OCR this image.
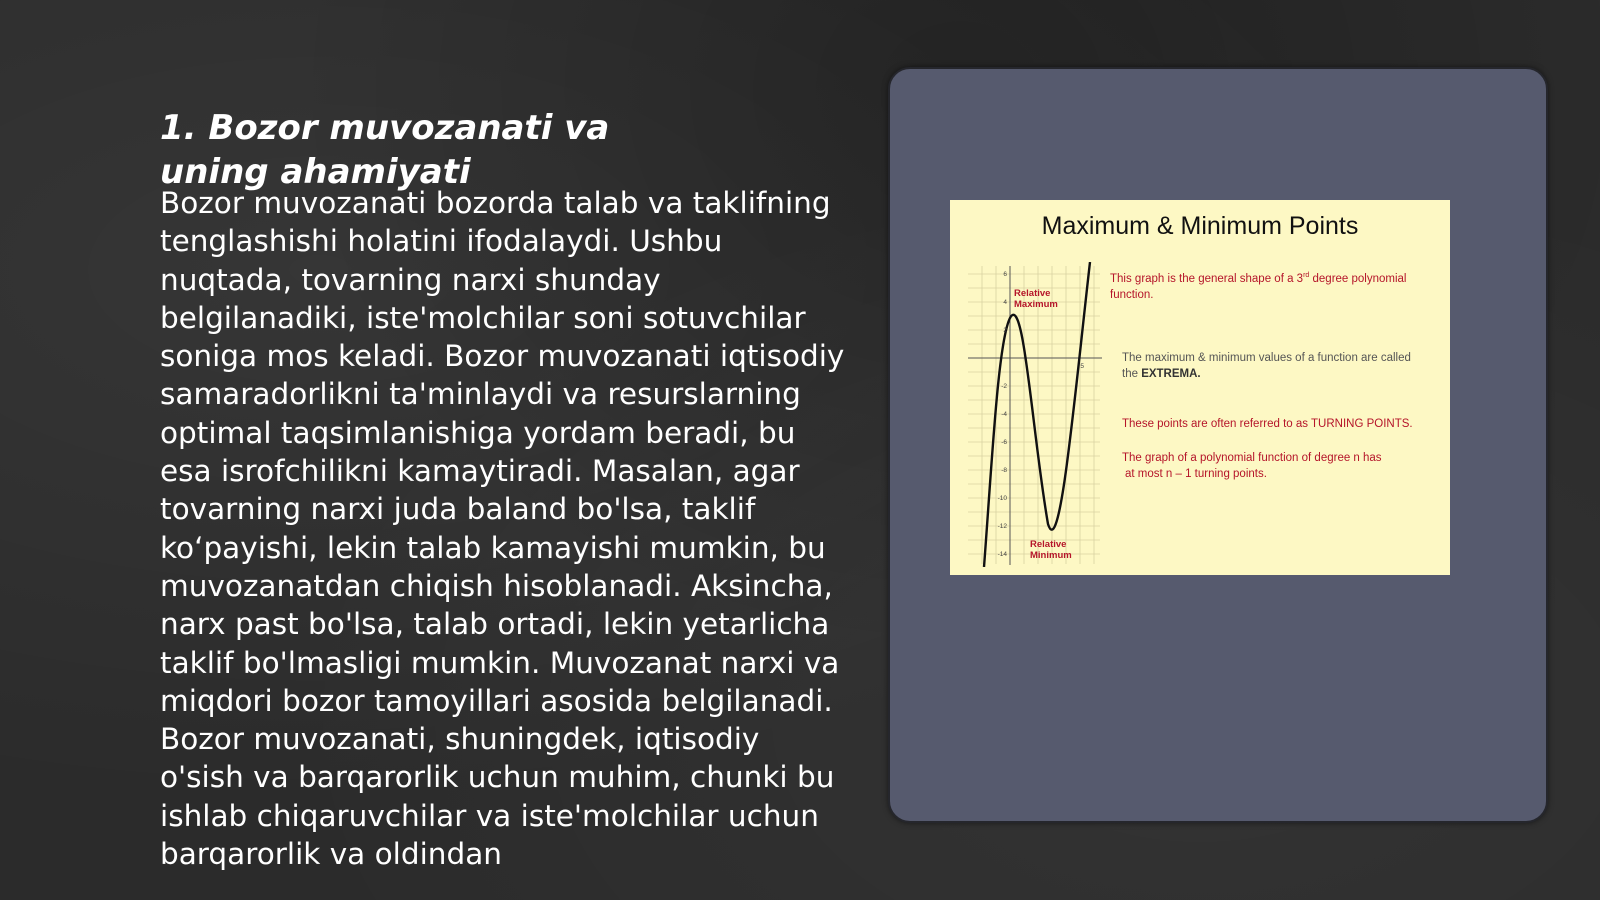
1. Bozor muvozanati va uning ahamiyati

Bozor muvozanati bozorda talab va taklifning tenglashishi holatini ifodalaydi. Ushbu nuqtada, tovarning narxi shunday belgilanadiki, iste'molchilar soni sotuvchilar soniga mos keladi. Bozor muvozanati iqtisodiy samaradorlikni ta'minlaydi va resurslarning optimal taqsimlanishiga yordam beradi, bu esa isrofchilikni kamaytiradi. Masalan, agar tovarning narxi juda baland bo'lsa, taklif ko‘payishi, lekin talab kamayishi mumkin, bu muvozanatdan chiqish hisoblanadi. Aksincha, narx past bo'lsa, talab ortadi, lekin yetarlicha taklif bo'lmasligi mumkin. Muvozanat narxi va miqdori bozor tamoyillari asosida belgilanadi. Bozor muvozanati, shuningdek, iqtisodiy o'sish va barqarorlik uchun muhim, chunki bu ishlab chiqaruvchilar va iste'molchilar uchun barqarorlik va oldindan

Maximum & Minimum Points
6
4
2
-2
-4
-6
-8
-10
-12
-14
5
Relative
Maximum
Relative
Minimum
This graph is the general shape of a 3rd degree polynomial function.
The maximum & minimum values of a function are called the EXTREMA.
These points are often referred to as TURNING POINTS.
The graph of a polynomial function of degree n has
at most n – 1 turning points.
